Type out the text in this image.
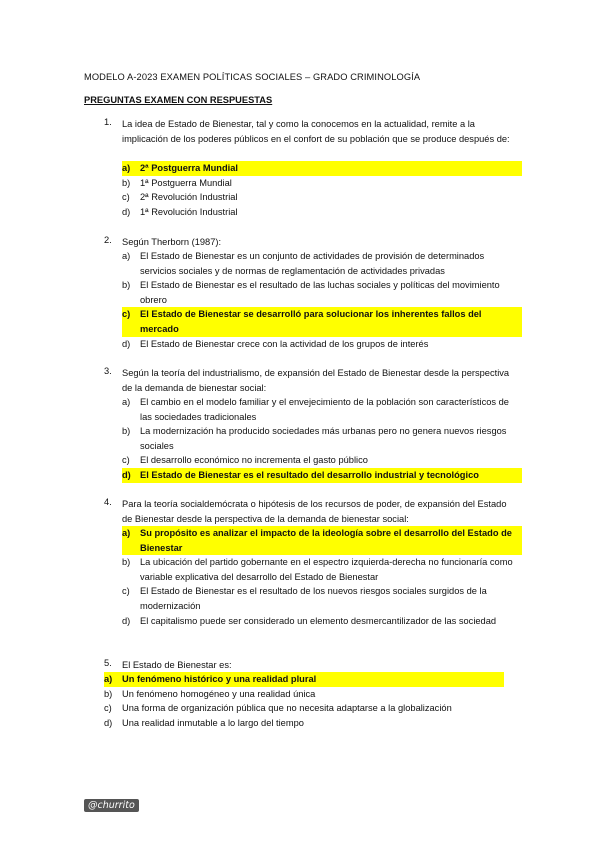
MODELO A-2023 EXAMEN POLÍTICAS SOCIALES – GRADO CRIMINOLOGÍA
PREGUNTAS EXAMEN CON RESPUESTAS
1. La idea de Estado de Bienestar, tal y como la conocemos en la actualidad, remite a la implicación de los poderes públicos en el confort de su población que se produce después de:
a)	2ª Postguerra Mundial
b)	1ª Postguerra Mundial
c)	2ª Revolución Industrial
d)	1ª Revolución Industrial
2. Según Therborn (1987):
a)	El Estado de Bienestar es un conjunto de actividades de provisión de determinados servicios sociales y de normas de reglamentación de actividades privadas
b)	El Estado de Bienestar es el resultado de las luchas sociales y políticas del movimiento obrero
c)	El Estado de Bienestar se desarrolló para solucionar los inherentes fallos del mercado
d)	El Estado de Bienestar crece con la actividad de los grupos de interés
3. Según la teoría del industrialismo, de expansión del Estado de Bienestar desde la perspectiva de la demanda de bienestar social:
a)	El cambio en el modelo familiar y el envejecimiento de la población son característicos de las sociedades tradicionales
b)	La modernización ha producido sociedades más urbanas pero no genera nuevos riesgos sociales
c)	El desarrollo económico no incrementa el gasto público
d) El Estado de Bienestar es el resultado del desarrollo industrial y tecnológico
4. Para la teoría socialdemócrata o hipótesis de los recursos de poder, de expansión del Estado de Bienestar desde la perspectiva de la demanda de bienestar social:
a)	Su propósito es analizar el impacto de la ideología sobre el desarrollo del Estado de Bienestar
b)	La ubicación del partido gobernante en el espectro izquierda-derecha no funcionaría como variable explicativa del desarrollo del Estado de Bienestar
c)	El Estado de Bienestar es el resultado de los nuevos riesgos sociales surgidos de la modernización
d)	El capitalismo puede ser considerado un elemento desmercantilizador de las sociedad
5. El Estado de Bienestar es:
a)	Un fenómeno histórico y una realidad plural
b)	Un fenómeno homogéneo y una realidad única
c)	Una forma de organización pública que no necesita adaptarse a la globalización
d)	Una realidad inmutable a lo largo del tiempo
@churrito
